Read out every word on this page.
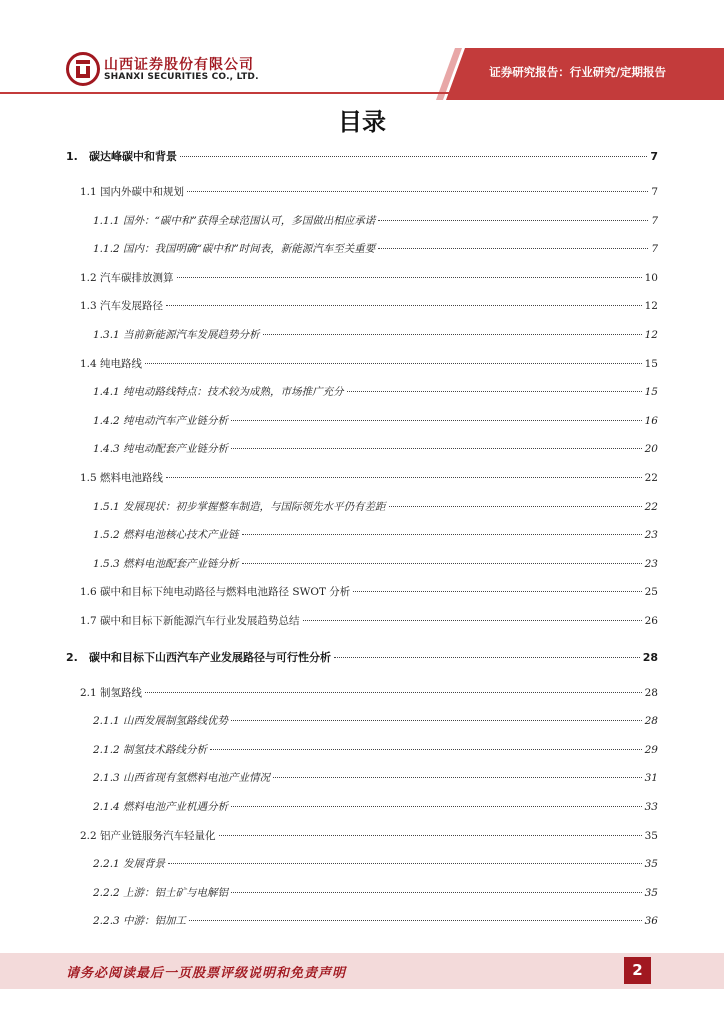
山西证券股份有限公司
SHANXI SECURITIES CO., LTD.	证券研究报告：行业研究/定期报告
目录
1.	碳达峰碳中和背景	7
1.1 国内外碳中和规划	7
1.1.1 国外：“碳中和”获得全球范围认可，多国做出相应承诺	7
1.1.2 国内：我国明确“碳中和”时间表，新能源汽车至关重要	7
1.2 汽车碳排放测算	10
1.3 汽车发展路径	12
1.3.1 当前新能源汽车发展趋势分析	12
1.4 纯电路线	15
1.4.1 纯电动路线特点：技术较为成熟，市场推广充分	15
1.4.2 纯电动汽车产业链分析	16
1.4.3 纯电动配套产业链分析	20
1.5 燃料电池路线	22
1.5.1 发展现状：初步掌握整车制造，与国际领先水平仍有差距	22
1.5.2 燃料电池核心技术产业链	23
1.5.3 燃料电池配套产业链分析	23
1.6 碳中和目标下纯电动路径与燃料电池路径 SWOT 分析	25
1.7 碳中和目标下新能源汽车行业发展趋势总结	26
2.	碳中和目标下山西汽车产业发展路径与可行性分析	28
2.1 制氢路线	28
2.1.1 山西发展制氢路线优势	28
2.1.2 制氢技术路线分析	29
2.1.3 山西省现有氢燃料电池产业情况	31
2.1.4 燃料电池产业机遇分析	33
2.2 铝产业链服务汽车轻量化	35
2.2.1 发展背景	35
2.2.2 上游：铝土矿与电解铝	35
2.2.3 中游：铝加工	36
请务必阅读最后一页股票评级说明和免责声明	2
